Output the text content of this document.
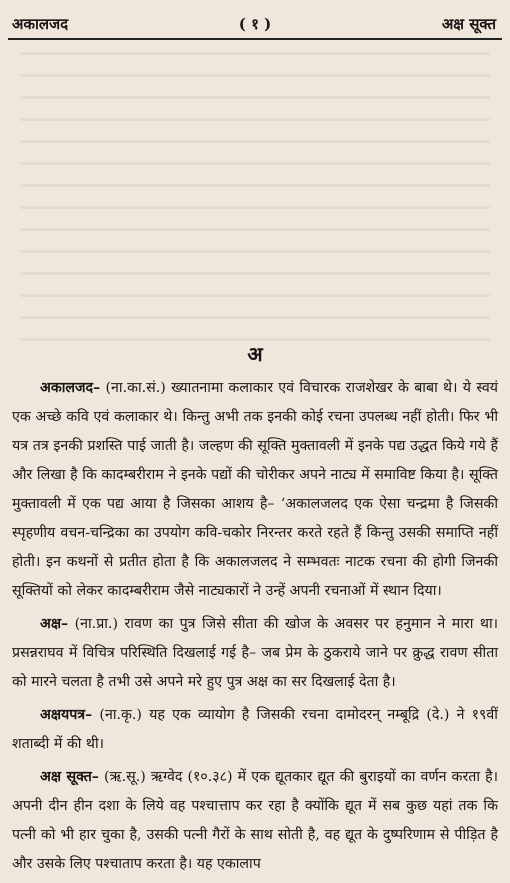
अकालजद	( १ )	अक्ष सूक्त
अ

अकालजद– (ना.का.सं.) ख्यातनामा कलाकार एवं विचारक राजशेखर के बाबा थे। ये स्वयं एक अच्छे कवि एवं कलाकार थे। किन्तु अभी तक इनकी कोई रचना उपलब्ध नहीं होती। फिर भी यत्र तत्र इनकी प्रशस्ति पाई जाती है। जल्हण की सूक्ति मुक्तावली में इनके पद्य उद्धत किये गये हैं और लिखा है कि कादम्बरीराम ने इनके पद्यों की चोरीकर अपने नाट्य में समाविष्ट किया है। सूक्ति मुक्तावली में एक पद्य आया है जिसका आशय है– ‘अकालजलद एक ऐसा चन्द्रमा है जिसकी स्पृहणीय वचन-चन्द्रिका का उपयोग कवि-चकोर निरन्तर करते रहते हैं किन्तु उसकी समाप्ति नहीं होती। इन कथनों से प्रतीत होता है कि अकालजलद ने सम्भवतः नाटक रचना की होगी जिनकी सूक्तियों को लेकर कादम्बरीराम जैसे नाट्यकारों ने उन्हें अपनी रचनाओं में स्थान दिया।

अक्ष– (ना.प्रा.) रावण का पुत्र जिसे सीता की खोज के अवसर पर हनुमान ने मारा था। प्रसन्नराघव में विचित्र परिस्थिति दिखलाई गई है– जब प्रेम के ठुकराये जाने पर क्रुद्ध रावण सीता को मारने चलता है तभी उसे अपने मरे हुए पुत्र अक्ष का सर दिखलाई देता है।

अक्षयपत्र– (ना.कृ.) यह एक व्यायोग है जिसकी रचना दामोदरन् नम्बूद्रि (दे.) ने १९वीं शताब्दी में की थी।

अक्ष सूक्त– (ऋ.सू.) ऋग्वेद (१०.३८) में एक द्यूतकार द्यूत की बुराइयों का वर्णन करता है। अपनी दीन हीन दशा के लिये वह पश्चात्ताप कर रहा है क्योंकि द्यूत में सब कुछ यहां तक कि पत्नी को भी हार चुका है, उसकी पत्नी गैरों के साथ सोती है, वह द्यूत के दुष्परिणाम से पीड़ित है और उसके लिए पश्चाताप करता है। यह एकालाप
